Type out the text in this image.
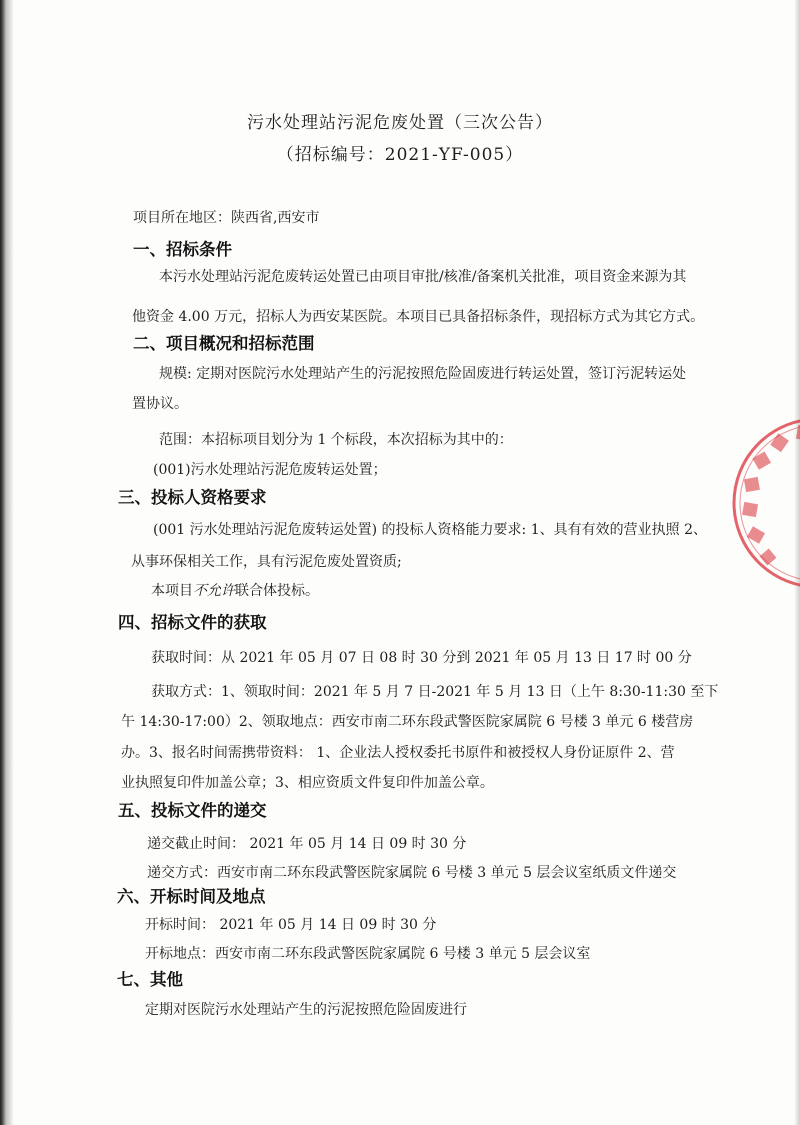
污水处理站污泥危废处置（三次公告）
（招标编号：2021-YF-005）
项目所在地区：陕西省,西安市
一、招标条件
本污水处理站污泥危废转运处置已由项目审批/核准/备案机关批准，项目资金来源为其
他资金 4.00 万元，招标人为西安某医院。本项目已具备招标条件，现招标方式为其它方式。
二、项目概况和招标范围
规模: 定期对医院污水处理站产生的污泥按照危险固废进行转运处置，签订污泥转运处
置协议。
范围：本招标项目划分为 1 个标段，本次招标为其中的：
(001)污水处理站污泥危废转运处置；
三、投标人资格要求
(001 污水处理站污泥危废转运处置) 的投标人资格能力要求: 1、具有有效的营业执照 2、
从事环保相关工作，具有污泥危废处置资质;
本项目不允许联合体投标。
四、招标文件的获取
获取时间：从 2021 年 05 月 07 日 08 时 30 分到 2021 年 05 月 13 日 17 时 00 分
获取方式：1、领取时间：2021 年 5 月 7 日-2021 年 5 月 13 日（上午 8:30-11:30 至下
午 14:30-17:00）2、领取地点：西安市南二环东段武警医院家属院 6 号楼 3 单元 6 楼营房
办。3、报名时间需携带资料： 1、企业法人授权委托书原件和被授权人身份证原件 2、营
业执照复印件加盖公章；3、相应资质文件复印件加盖公章。
五、投标文件的递交
递交截止时间： 2021 年 05 月 14 日 09 时 30 分
递交方式：西安市南二环东段武警医院家属院 6 号楼 3 单元 5 层会议室纸质文件递交
六、开标时间及地点
开标时间： 2021 年 05 月 14 日 09 时 30 分
开标地点：西安市南二环东段武警医院家属院 6 号楼 3 单元 5 层会议室
七、其他
定期对医院污水处理站产生的污泥按照危险固废进行
